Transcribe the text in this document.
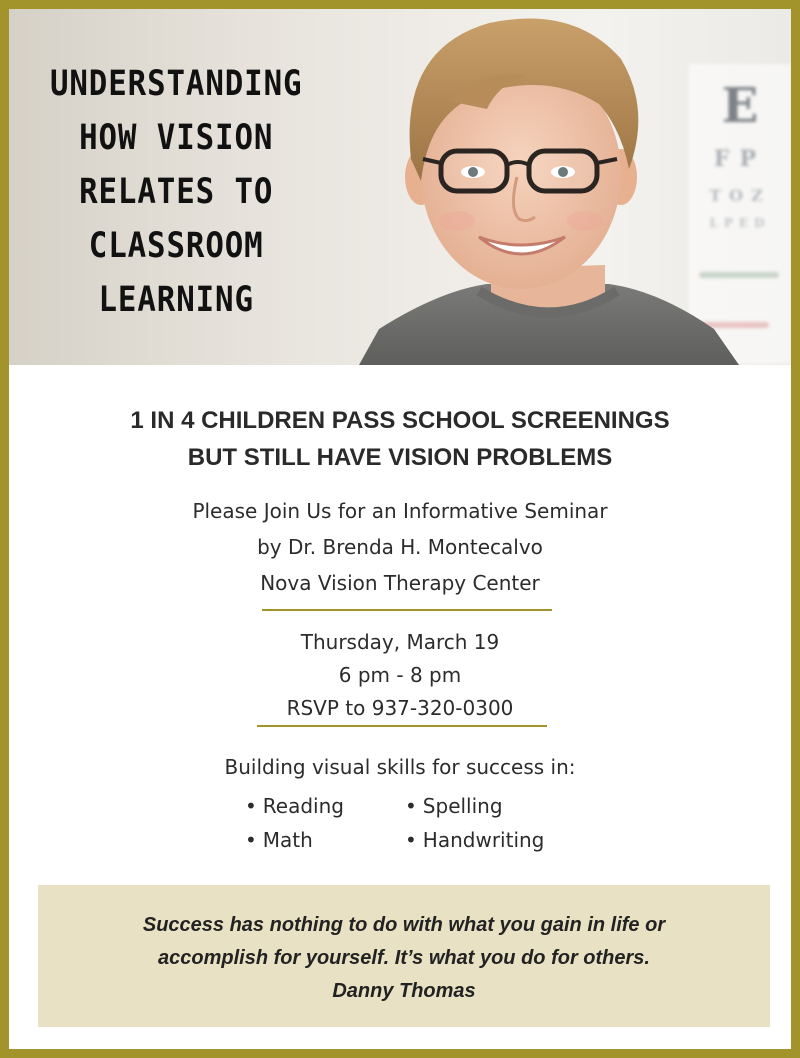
UNDERSTANDING
HOW VISION
RELATES TO
CLASSROOM
LEARNING
E
FP
TOZ
LPED
1 IN 4 CHILDREN PASS SCHOOL SCREENINGS
BUT STILL HAVE VISION PROBLEMS
Please Join Us for an Informative Seminar
by Dr. Brenda H. Montecalvo
Nova Vision Therapy Center
Thursday, March 19
6 pm - 8 pm
RSVP to 937-320-0300
Building visual skills for success in:
• Reading	• Spelling
• Math	• Handwriting
Success has nothing to do with what you gain in life or
accomplish for yourself. It’s what you do for others.
Danny Thomas
